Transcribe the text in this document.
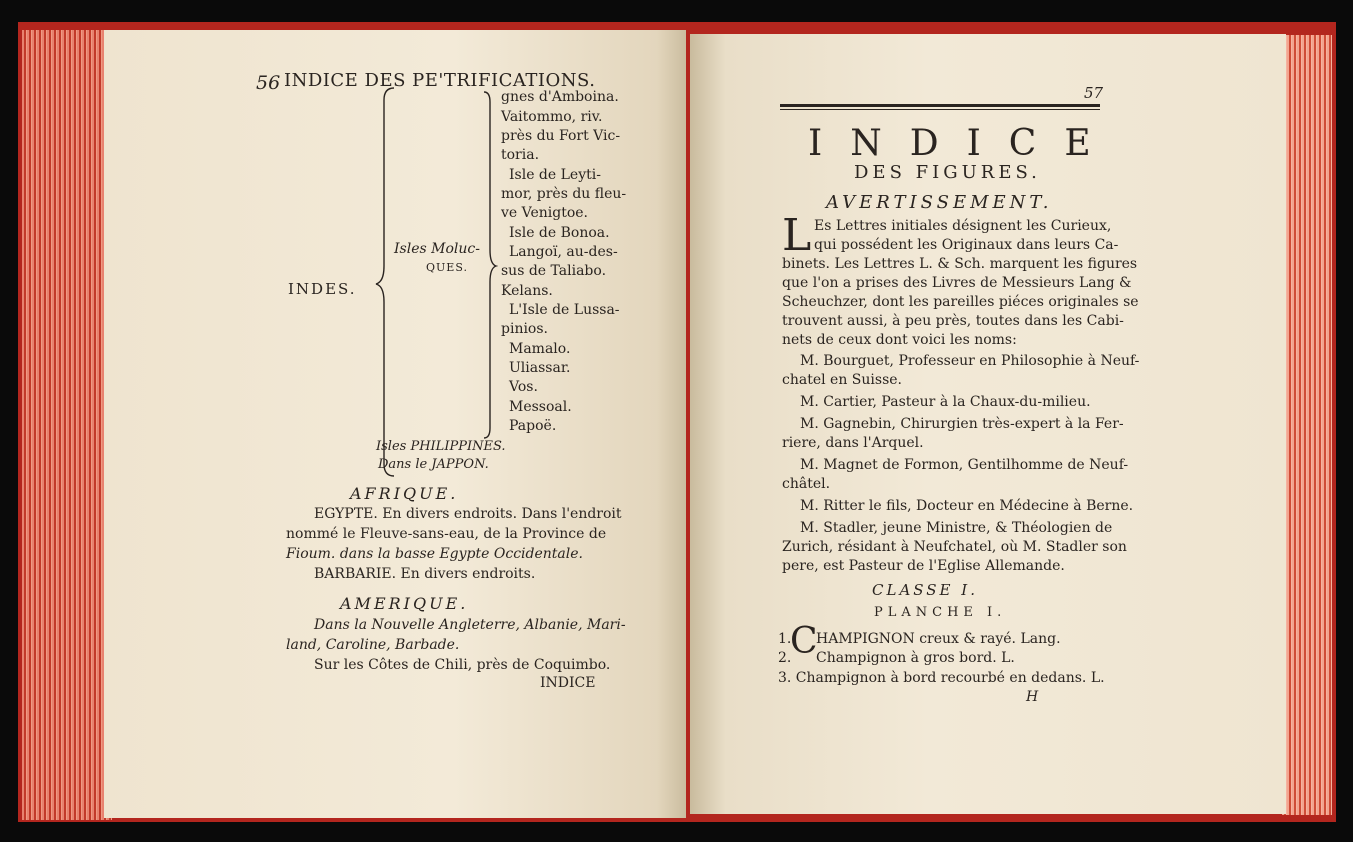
56 INDICE DES PE'TRIFICATIONS.
INDES.
Isles Moluc-
QUES.
gnes d'Amboina.
Vaitommo, riv.
près du Fort Vic-
toria.
Isle de Leyti-
mor, près du fleu-
ve Venigtoe.
Isle de Bonoa.
Langoï, au-des-
sus de Taliabo.
Kelans.
L'Isle de Lussa-
pinios.
Mamalo.
Uliassar.
Vos.
Messoal.
Papoë.
Isles PHILIPPINES.
Dans le JAPPON.
AFRIQUE.
EGYPTE. En divers endroits. Dans l'endroit
nommé le Fleuve-sans-eau, de la Province de
Fioum. dans la basse Egypte Occidentale.
BARBARIE. En divers endroits.
AMERIQUE.
Dans la Nouvelle Angleterre, Albanie, Mari-
land, Caroline, Barbade.
Sur les Côtes de Chili, près de Coquimbo.
INDICE
57
INDICE
DES FIGURES.
AVERTISSEMENT.
L Es Lettres initiales désignent les Curieux,
qui possédent les Originaux dans leurs Ca-
binets. Les Lettres L. & Sch. marquent les figures
que l'on a prises des Livres de Messieurs Lang &
Scheuchzer, dont les pareilles piéces originales se
trouvent aussi, à peu près, toutes dans les Cabi-
nets de ceux dont voici les noms:
M. Bourguet, Professeur en Philosophie à Neuf-
chatel en Suisse.
M. Cartier, Pasteur à la Chaux-du-milieu.
M. Gagnebin, Chirurgien très-expert à la Fer-
riere, dans l'Arquel.
M. Magnet de Formon, Gentilhomme de Neuf-
châtel.
M. Ritter le fils, Docteur en Médecine à Berne.
M. Stadler, jeune Ministre, & Théologien de
Zurich, résidant à Neufchatel, où M. Stadler son
pere, est Pasteur de l'Eglise Allemande.
CLASSE I.
PLANCHE I.
1.
C
HAMPIGNON creux & rayé. Lang.
2. Champignon à gros bord. L.
3. Champignon à bord recourbé en dedans. L.
H
